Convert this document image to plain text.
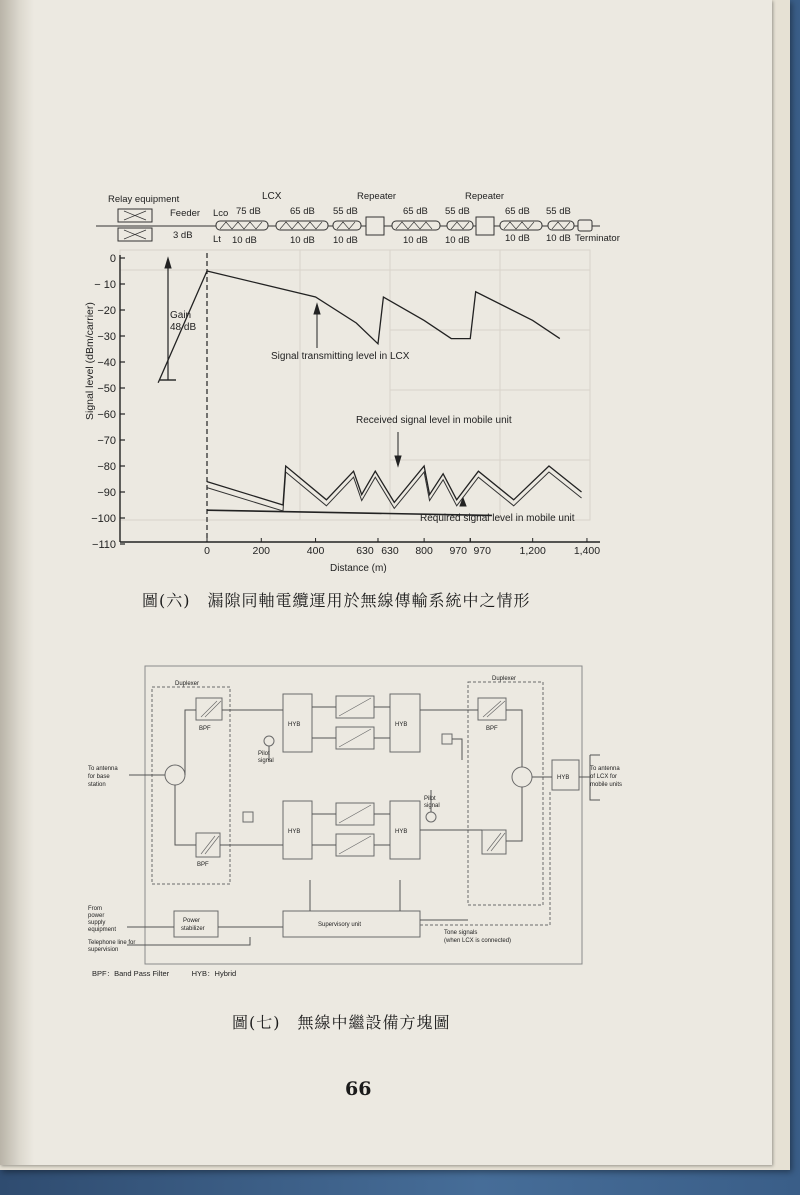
Relay equipment	LCX	Repeater	Repeater
Feeder
3 dB
Lco
Lt
75 dB
10 dB
65 dB
10 dB
55 dB
10 dB
65 dB
10 dB
55 dB
10 dB
65 dB
10 dB
55 dB
10 dB Terminator
0
− 10
−20
−30
−40
−50
−60
−70
−80
−90
−100
−110	0	200	400	630 630 800 970 970	1,200	1,400
Signal level (dBm/carrier)
Distance (m)
Gain
48 dB
Signal transmitting level in LCX
Received signal level in mobile unit
Required signal level in mobile unit
圖(六)　漏隙同軸電纜運用於無線傳輸系統中之情形
Duplexer
Duplexer
BPF	BPF
BPF
HYB	HYB
HYB	HYB
HYB
Pilot
signal
Pilot
signal
To antenna
for base
station
To antenna
of LCX for
mobile units
From
power
supply
equipment
Telephone line for
supervision
Power
stabilizer
Supervisory unit
Tone signals
(when LCX is connected)
BPF：Band Pass Filter　　　HYB：Hybrid
圖(七)　無線中繼設備方塊圖
66
